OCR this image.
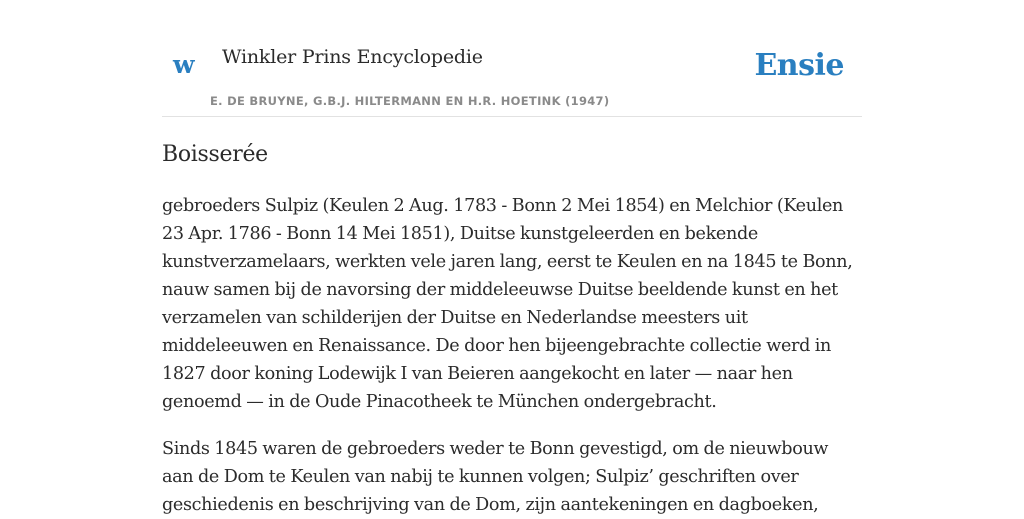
w Winkler Prins Encyclopedie
E. DE BRUYNE, G.B.J. HILTERMANN EN H.R. HOETINK (1947)
Ensie
Boisserée

gebroeders Sulpiz (Keulen 2 Aug. 1783 - Bonn 2 Mei 1854) en Melchior (Keulen 23 Apr. 1786 - Bonn 14 Mei 1851), Duitse kunstgeleerden en bekende kunstverzamelaars, werkten vele jaren lang, eerst te Keulen en na 1845 te Bonn, nauw samen bij de navorsing der middeleeuwse Duitse beeldende kunst en het verzamelen van schilderijen der Duitse en Nederlandse meesters uit middeleeuwen en Renaissance. De door hen bijeengebrachte collectie werd in 1827 door koning Lodewijk I van Beieren aangekocht en later — naar hen genoemd — in de Oude Pinacotheek te München ondergebracht.

Sinds 1845 waren de gebroeders weder te Bonn gevestigd, om de nieuwbouw aan de Dom te Keulen van nabij te kunnen volgen; Sulpiz’ geschriften over geschiedenis en beschrijving van de Dom, zijn aantekeningen en dagboeken,
